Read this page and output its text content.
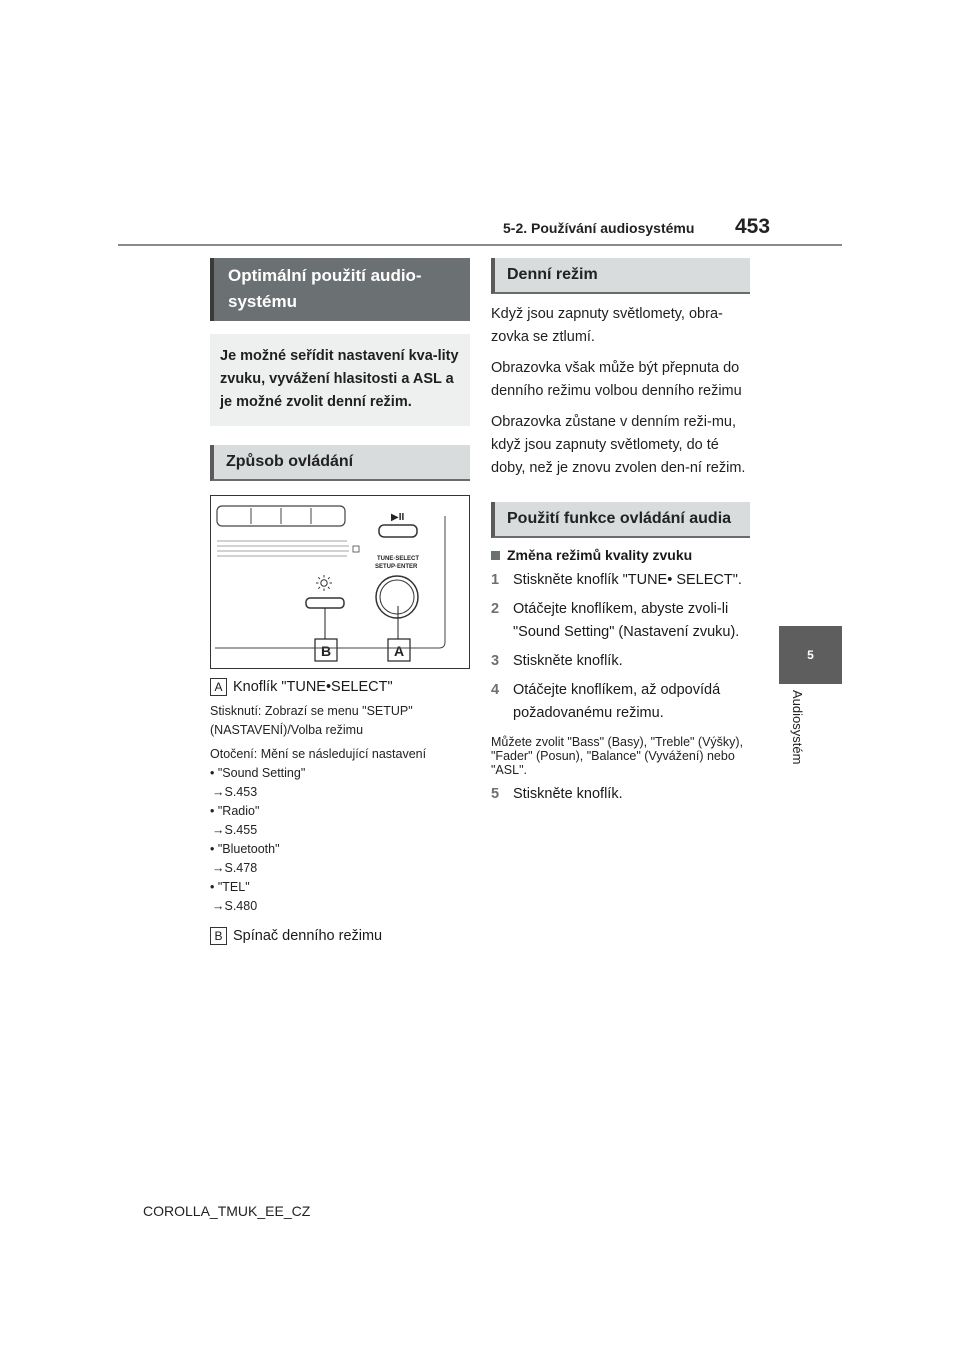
5-2. Používání audiosystému 453
5
Audiosystém
Optimální použití audio-
systému
Je možné seřídit nastavení kva-lity zvuku, vyvážení hlasitosti a ASL a je možné zvolit denní režim.
Způsob ovládání
▶II
TUNE·SELECT
SETUP·ENTER
B	A
A Knoflík "TUNE•SELECT"
Stisknutí: Zobrazí se menu "SETUP" (NASTAVENÍ)/Volba režimu
Otočení: Mění se následující nastavení

• "Sound Setting"

→S.453

• "Radio"

→S.455

• "Bluetooth"

→S.478

• "TEL"

→S.480

B Spínač denního režimu
Denní režim

Když jsou zapnuty světlomety, obra-zovka se ztlumí.

Obrazovka však může být přepnuta do denního režimu volbou denního režimu

Obrazovka zůstane v denním reži-mu, když jsou zapnuty světlomety, do té doby, než je znovu zvolen den-ní režim.

Použití funkce ovládání audia
Změna režimů kvality zvuku
1 Stiskněte knoflík "TUNE• SELECT".
2 Otáčejte knoflíkem, abyste zvoli-li "Sound Setting" (Nastavení zvuku).
3 Stiskněte knoflík.
4 Otáčejte knoflíkem, až odpovídá požadovanému režimu.
Můžete zvolit "Bass" (Basy), "Treble" (Výšky), "Fader" (Posun), "Balance" (Vyvážení) nebo "ASL".
5 Stiskněte knoflík.
COROLLA_TMUK_EE_CZ
